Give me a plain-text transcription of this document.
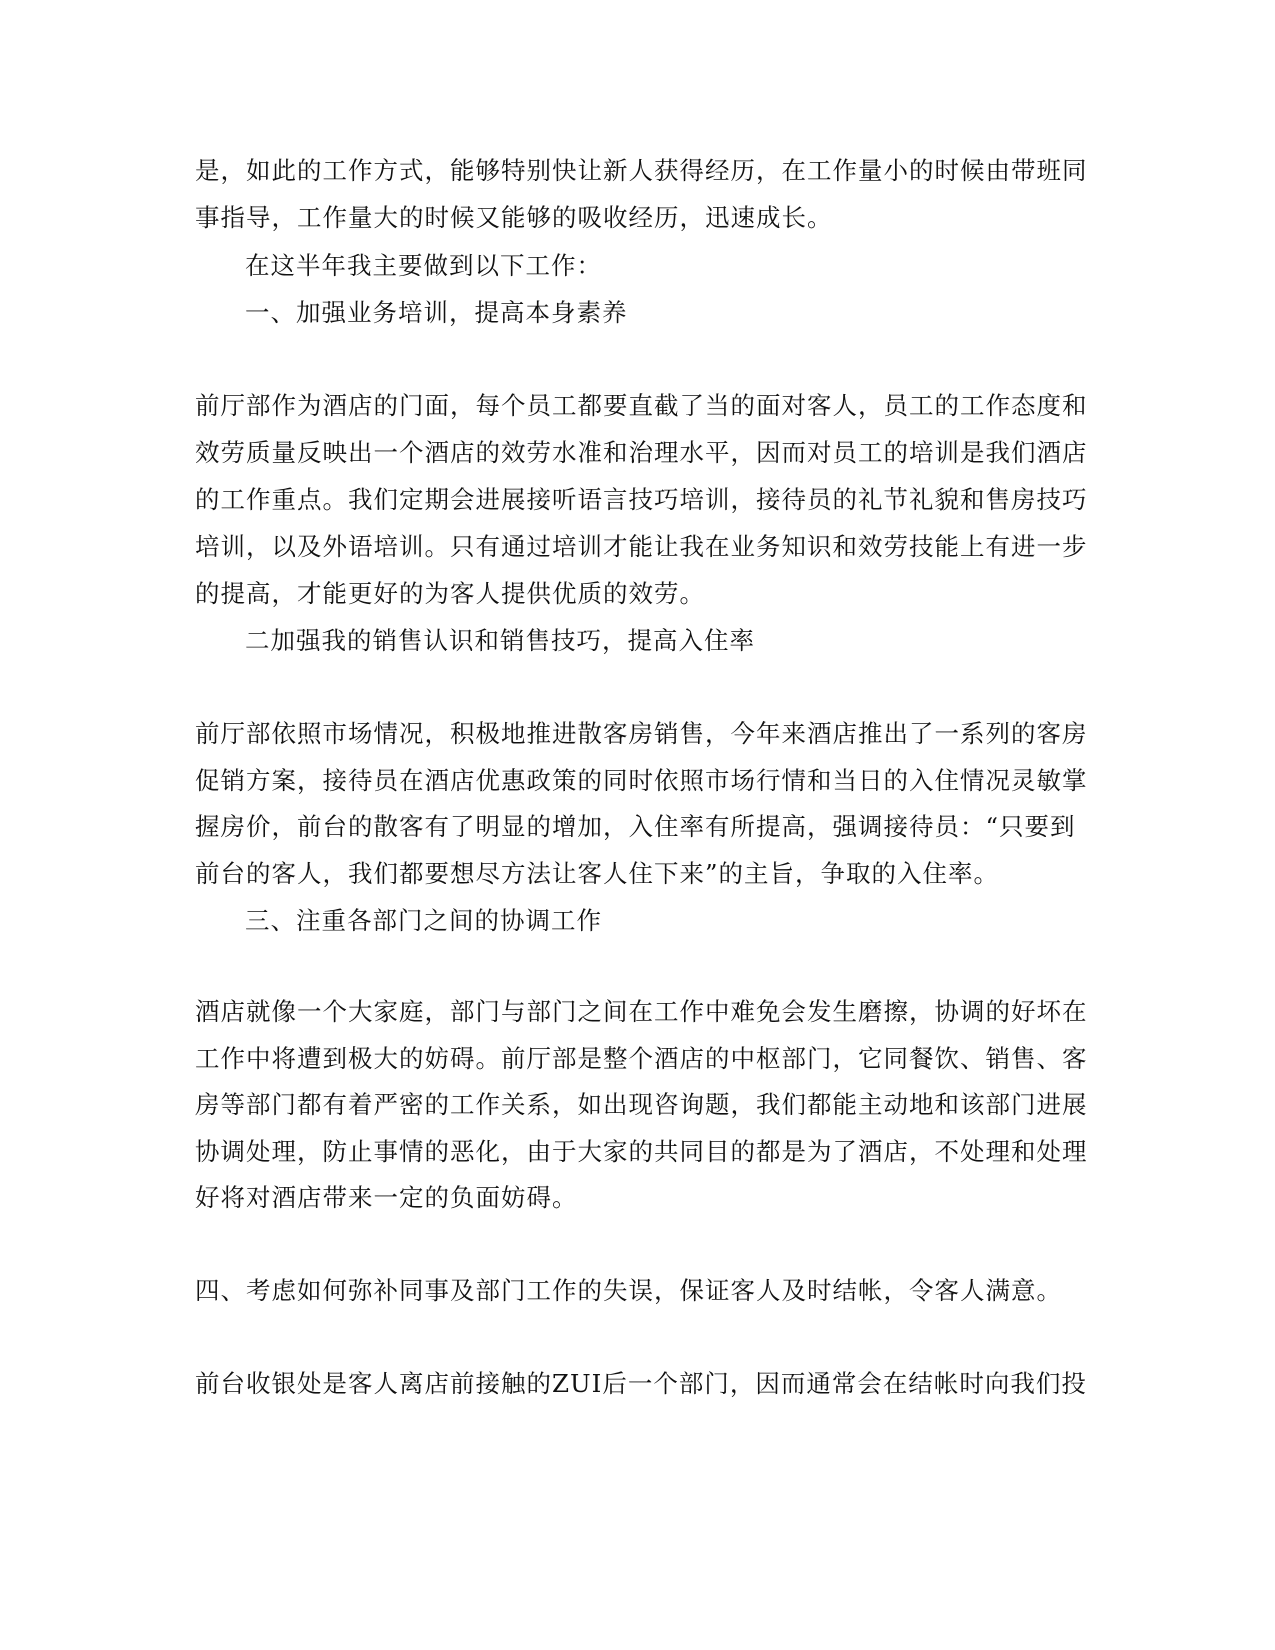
是，如此的工作方式，能够特别快让新人获得经历，在工作量小的时候由带班同
事指导，工作量大的时候又能够的吸收经历，迅速成长。
在这半年我主要做到以下工作：
一、加强业务培训，提高本身素养
前厅部作为酒店的门面，每个员工都要直截了当的面对客人，员工的工作态度和
效劳质量反映出一个酒店的效劳水准和治理水平，因而对员工的培训是我们酒店
的工作重点。我们定期会进展接听语言技巧培训，接待员的礼节礼貌和售房技巧
培训，以及外语培训。只有通过培训才能让我在业务知识和效劳技能上有进一步
的提高，才能更好的为客人提供优质的效劳。
二加强我的销售认识和销售技巧，提高入住率
前厅部依照市场情况，积极地推进散客房销售，今年来酒店推出了一系列的客房
促销方案，接待员在酒店优惠政策的同时依照市场行情和当日的入住情况灵敏掌
握房价，前台的散客有了明显的增加，入住率有所提高，强调接待员：“只要到
前台的客人，我们都要想尽方法让客人住下来”的主旨，争取的入住率。
三、注重各部门之间的协调工作
酒店就像一个大家庭，部门与部门之间在工作中难免会发生磨擦，协调的好坏在
工作中将遭到极大的妨碍。前厅部是整个酒店的中枢部门，它同餐饮、销售、客
房等部门都有着严密的工作关系，如出现咨询题，我们都能主动地和该部门进展
协调处理，防止事情的恶化，由于大家的共同目的都是为了酒店，不处理和处理
好将对酒店带来一定的负面妨碍。
四、考虑如何弥补同事及部门工作的失误，保证客人及时结帐，令客人满意。
前台收银处是客人离店前接触的ZUI后一个部门，因而通常会在结帐时向我们投
